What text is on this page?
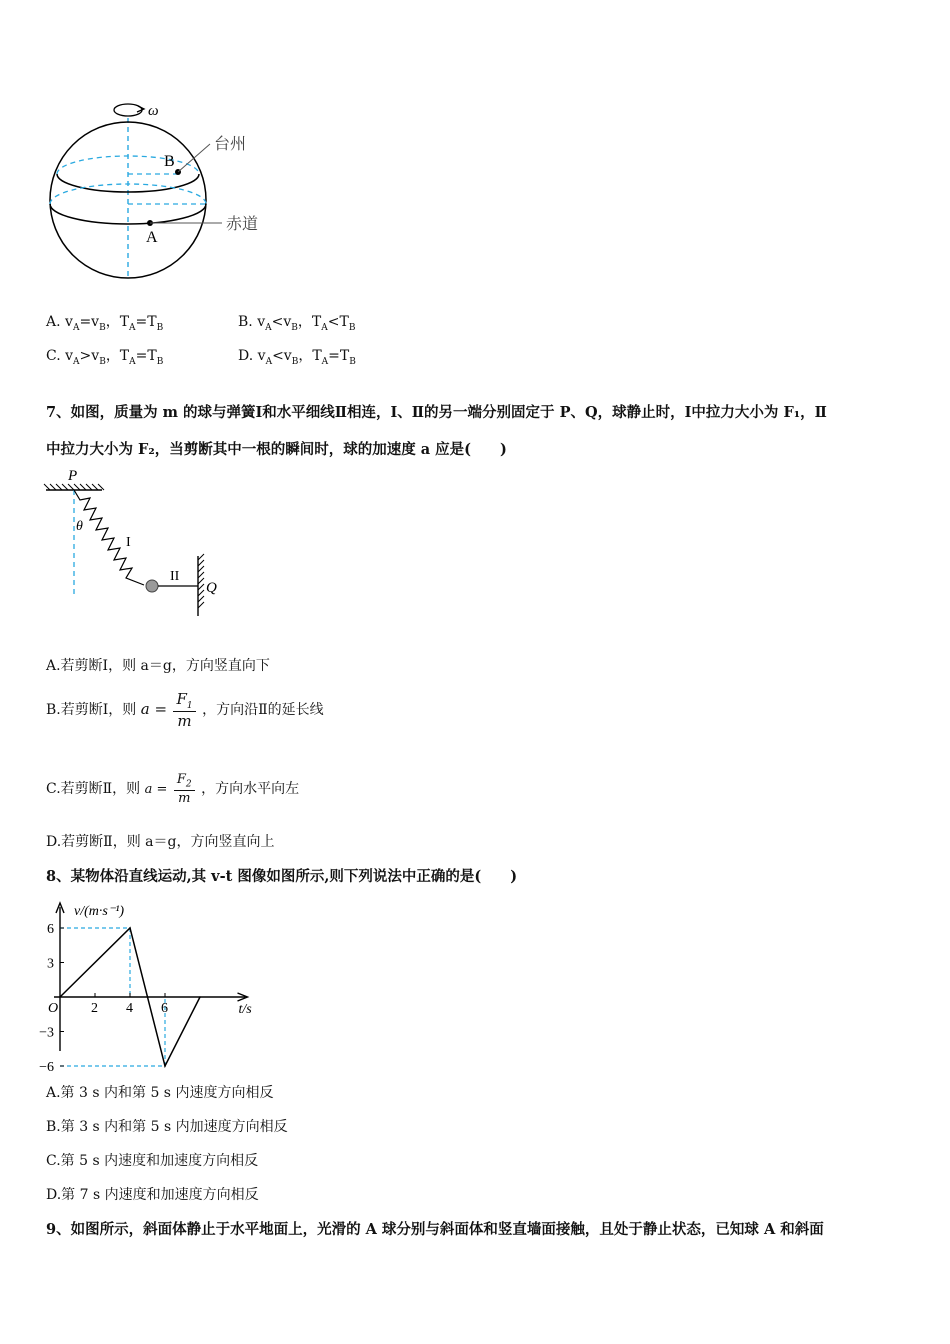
ω
B
A
台州
赤道
A. $v_A=v_B$，$T_A=T_B$	B. $v_A<v_B$，$T_A<T_B$
C. $v_A>v_B$，$T_A=T_B$	D. $v_A<v_B$，$T_A=T_B$
7、如图，质量为 m 的球与弹簧Ⅰ和水平细线Ⅱ相连，Ⅰ、Ⅱ的另一端分别固定于 P、Q，球静止时，Ⅰ中拉力大小为 F₁，Ⅱ
中拉力大小为 F₂，当剪断其中一根的瞬间时，球的加速度 a 应是(　　)
P
θ
I
II
Q
A.若剪断Ⅰ，则 a＝g，方向竖直向下
B.若剪断Ⅰ，则 $a = \frac{F_1}{m}$ ，方向沿Ⅱ的延长线
C.若剪断Ⅱ，则 $a = \frac{F_2}{m}$ ，方向水平向左
D.若剪断Ⅱ，则 a＝g，方向竖直向上
8、某物体沿直线运动,其 v-t 图像如图所示,则下列说法中正确的是(　　)
v/(m·s⁻¹)
t/s
O 2 4 6
6
3
−3
−6
A.第 3 s 内和第 5 s 内速度方向相反
B.第 3 s 内和第 5 s 内加速度方向相反
C.第 5 s 内速度和加速度方向相反
D.第 7 s 内速度和加速度方向相反
9、如图所示，斜面体静止于水平地面上，光滑的 A 球分别与斜面体和竖直墙面接触，且处于静止状态，已知球 A 和斜面
